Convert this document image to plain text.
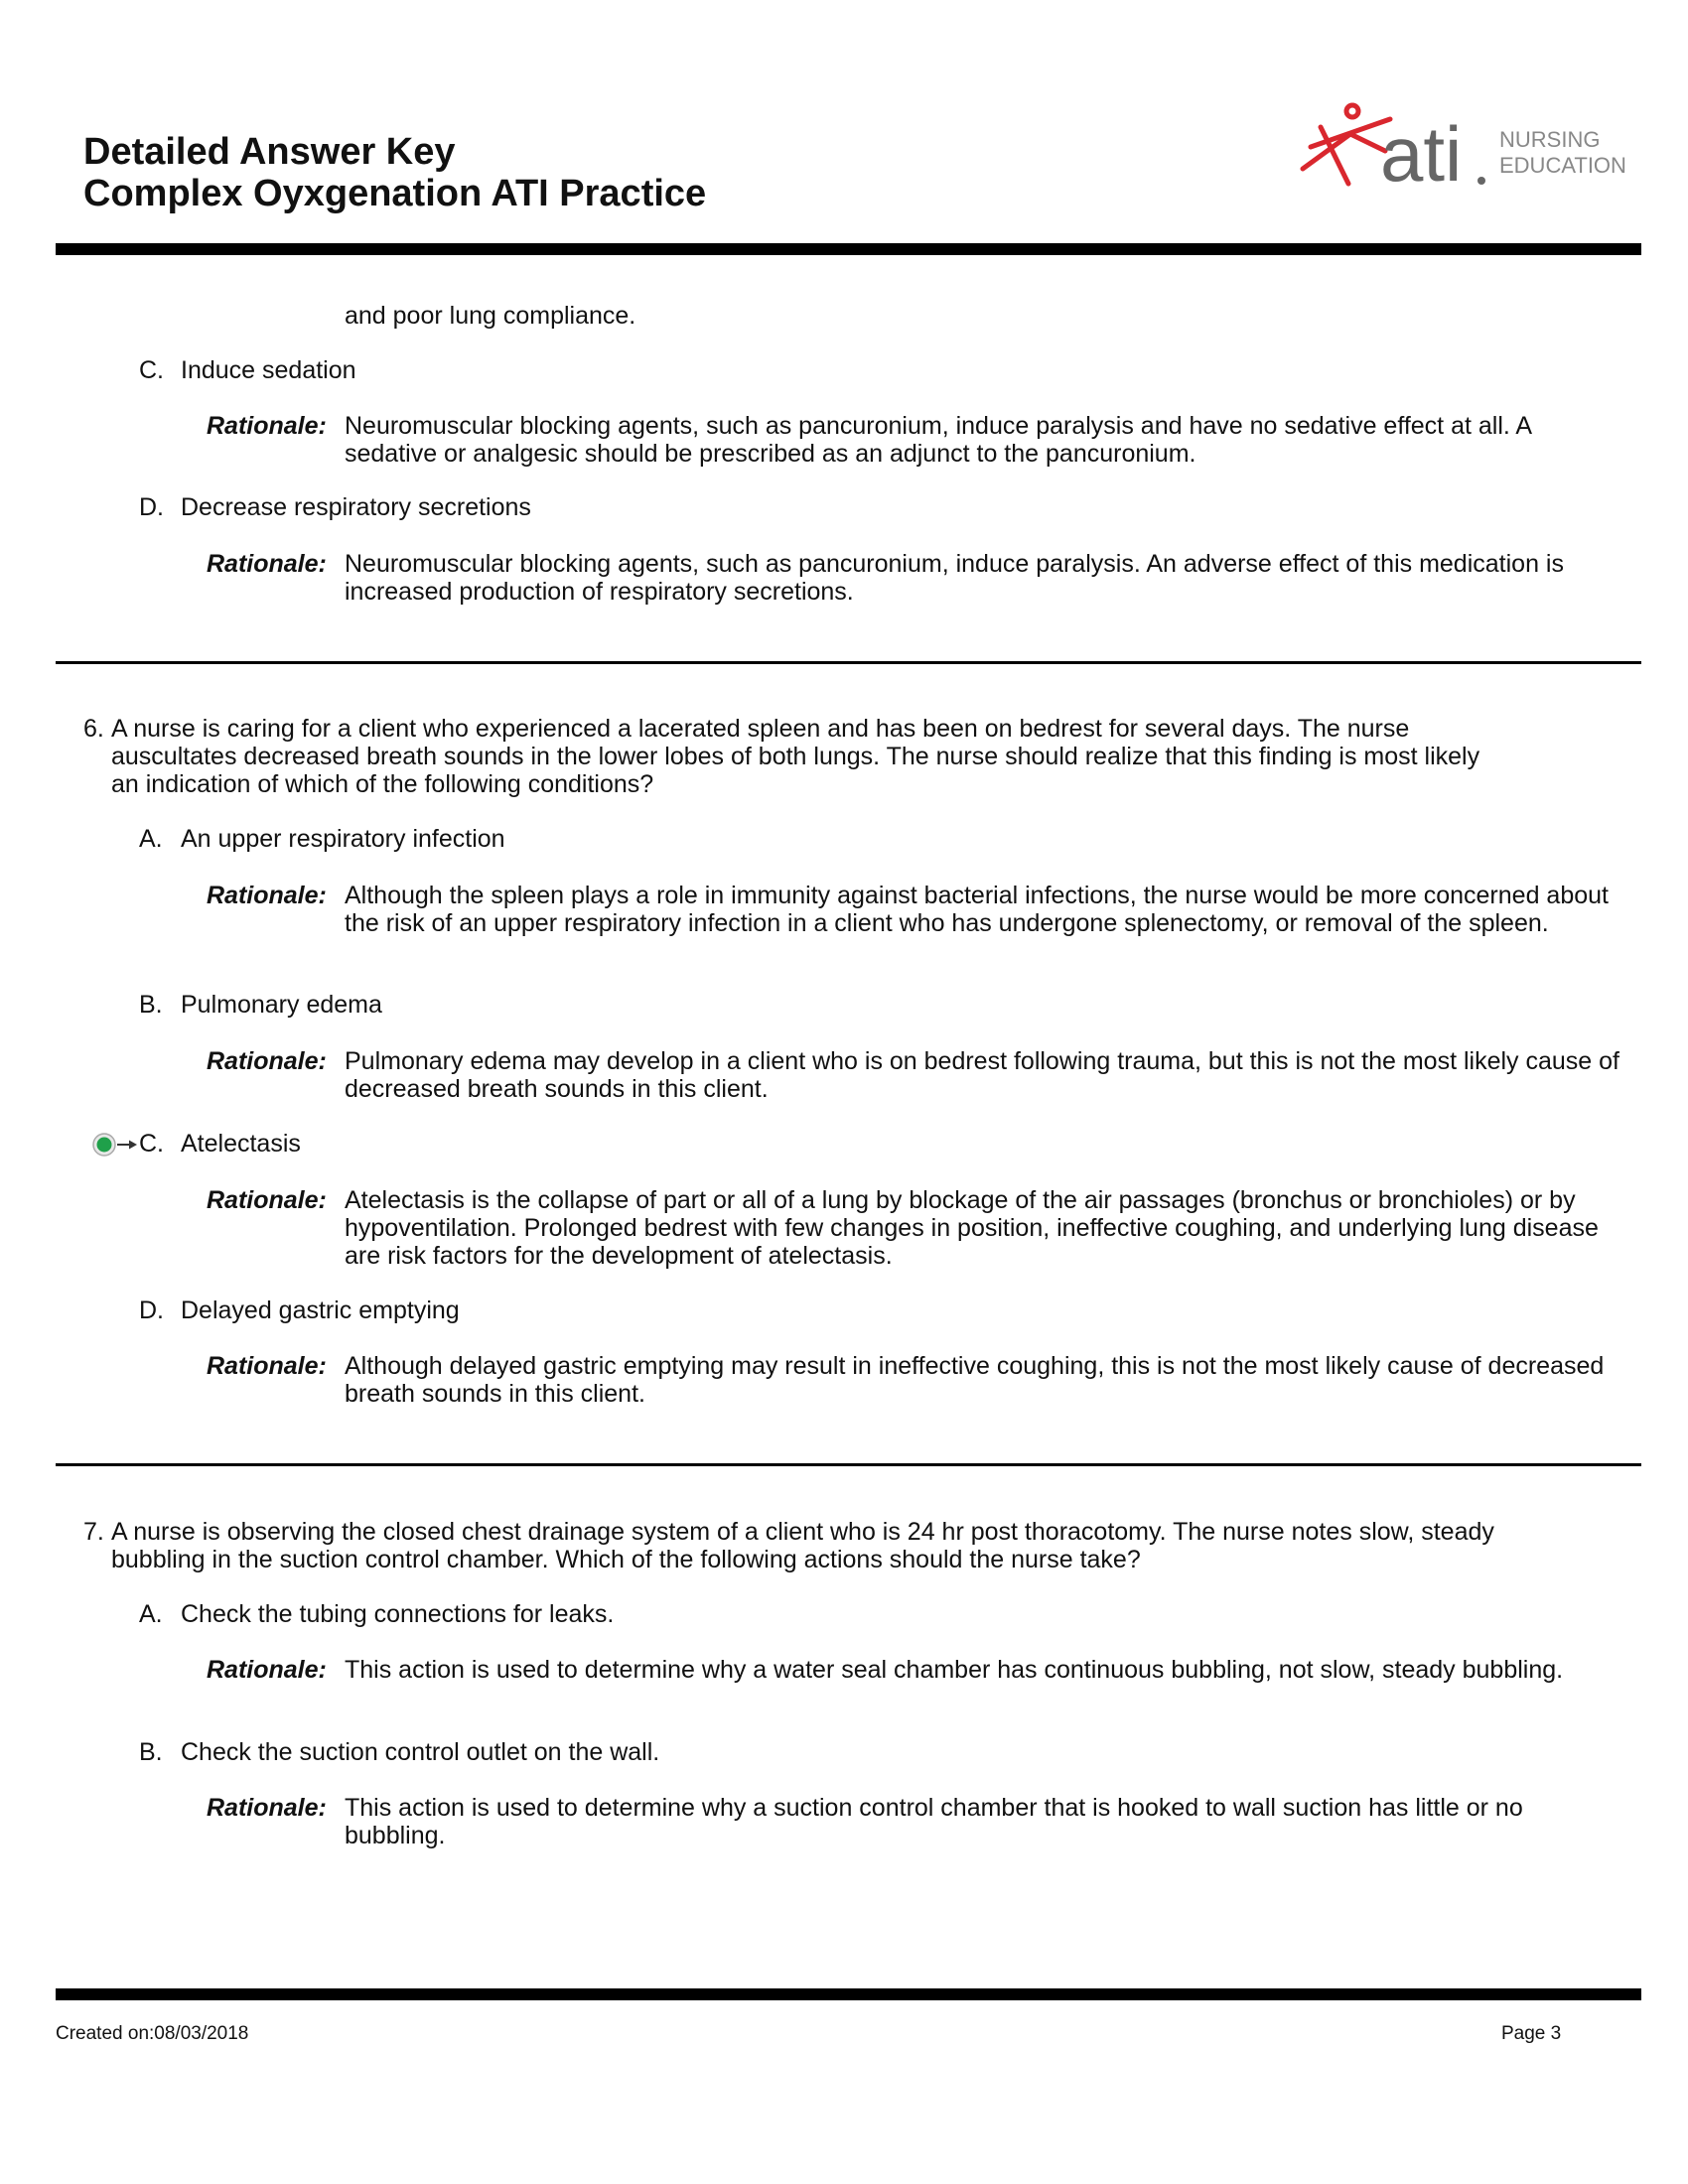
Detailed Answer Key
Complex Oyxgenation ATI Practice	ati NURSING
EDUCATION
and poor lung compliance.
C. Induce sedation
Rationale: Neuromuscular blocking agents, such as pancuronium, induce paralysis and have no sedative effect at all. A sedative or analgesic should be prescribed as an adjunct to the pancuronium.
D. Decrease respiratory secretions
Rationale: Neuromuscular blocking agents, such as pancuronium, induce paralysis. An adverse effect of this medication is increased production of respiratory secretions.
6. A nurse is caring for a client who experienced a lacerated spleen and has been on bedrest for several days. The nurse auscultates decreased breath sounds in the lower lobes of both lungs. The nurse should realize that this finding is most likely an indication of which of the following conditions?
A. An upper respiratory infection
Rationale: Although the spleen plays a role in immunity against bacterial infections, the nurse would be more concerned about the risk of an upper respiratory infection in a client who has undergone splenectomy, or removal of the spleen.
B. Pulmonary edema
Rationale: Pulmonary edema may develop in a client who is on bedrest following trauma, but this is not the most likely cause of decreased breath sounds in this client.
C. Atelectasis
Rationale: Atelectasis is the collapse of part or all of a lung by blockage of the air passages (bronchus or bronchioles) or by hypoventilation. Prolonged bedrest with few changes in position, ineffective coughing, and underlying lung disease are risk factors for the development of atelectasis.
D. Delayed gastric emptying
Rationale: Although delayed gastric emptying may result in ineffective coughing, this is not the most likely cause of decreased breath sounds in this client.
7. A nurse is observing the closed chest drainage system of a client who is 24 hr post thoracotomy. The nurse notes slow, steady bubbling in the suction control chamber. Which of the following actions should the nurse take?
A. Check the tubing connections for leaks.
Rationale: This action is used to determine why a water seal chamber has continuous bubbling, not slow, steady bubbling.
B. Check the suction control outlet on the wall.
Rationale: This action is used to determine why a suction control chamber that is hooked to wall suction has little or no bubbling.
Created on:08/03/2018	Page 3
